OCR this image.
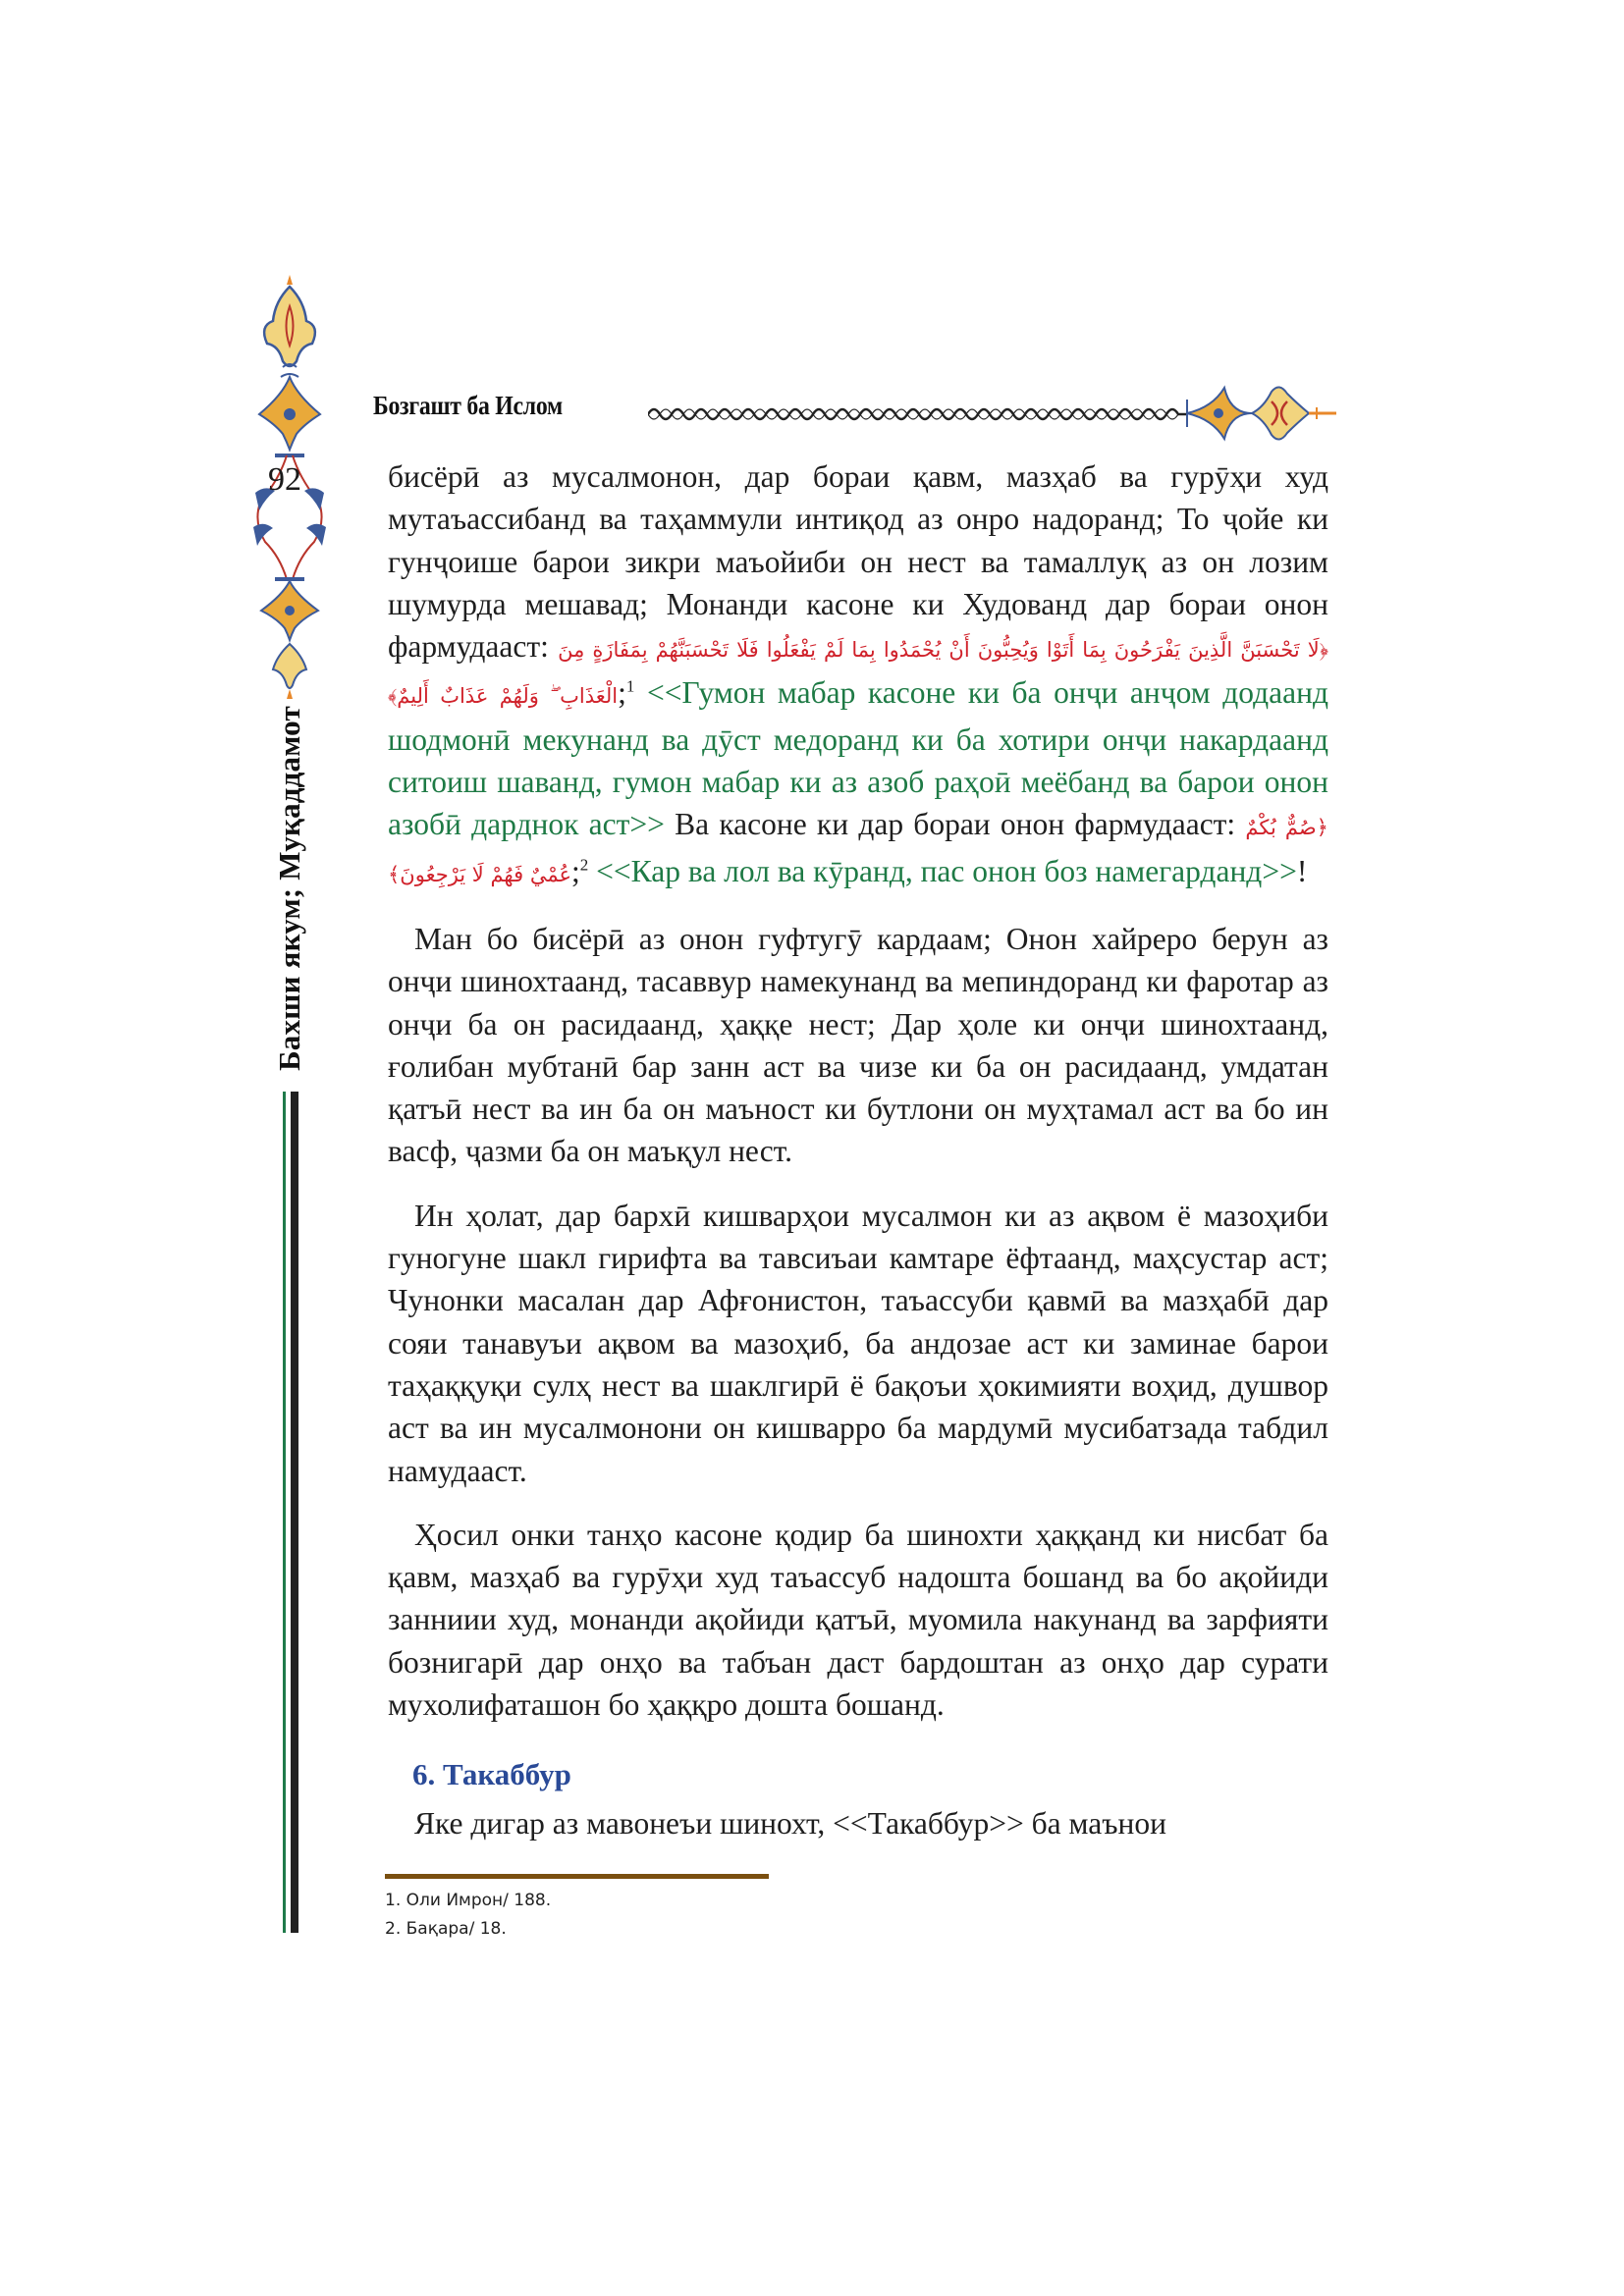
Бозгашт ба Ислом
92
Бахши якум; Муқаддамот

бисёрӣ аз мусалмонон, дар бораи қавм, мазҳаб ва гурӯҳи худ мутаъассибанд ва таҳаммули интиқод аз онро надоранд; То ҷойе ки гунҷоише барои зикри маъойиби он нест ва тамаллуқ аз он лозим шумурда мешавад; Монанди касоне ки Худованд дар бораи онон фармудааст: ﴿لَا تَحْسَبَنَّ الَّذِينَ يَفْرَحُونَ بِمَا أَتَوْا وَيُحِبُّونَ أَنْ يُحْمَدُوا بِمَا لَمْ يَفْعَلُوا فَلَا تَحْسَبَنَّهُمْ بِمَفَازَةٍ مِنَ الْعَذَابِ ۖ وَلَهُمْ عَذَابٌ أَلِيمٌ﴾;$^1$ <<Гумон мабар касоне ки ба онҷи анҷом додаанд шодмонӣ мекунанд ва дӯст медоранд ки ба хотири онҷи накардаанд ситоиш шаванд, гумон мабар ки аз азоб раҳоӣ меёбанд ва барои онон азобӣ дарднок аст>> Ва касоне ки дар бораи онон фармудааст: ﴿صُمٌّ بُكْمٌ عُمْيٌ فَهُمْ لَا يَرْجِعُونَ﴾;$^2$ <<Кар ва лол ва кӯранд, пас онон боз намегарданд>>!

Ман бо бисёрӣ аз онон гуфтугӯ кардаам; Онон хайреро берун аз онҷи шинохтаанд, тасаввур намекунанд ва мепиндоранд ки фаротар аз онҷи ба он расидаанд, ҳаққе нест; Дар ҳоле ки онҷи шинохтаанд, ғолибан мубтанӣ бар занн аст ва чизе ки ба он расидаанд, умдатан қатъӣ нест ва ин ба он маъност ки бутлони он муҳтамал аст ва бо ин васф, ҷазми ба он маъқул нест.

Ин ҳолат, дар бархӣ кишварҳои мусалмон ки аз ақвом ё мазоҳиби гуногуне шакл гирифта ва тавсиъаи камтаре ёфтаанд, маҳсустар аст; Чунонки масалан дар Афғонистон, таъассуби қавмӣ ва мазҳабӣ дар сояи танавуъи ақвом ва мазоҳиб, ба андозае аст ки заминае барои таҳаққуқи сулҳ нест ва шаклгирӣ ё бақоъи ҳокимияти воҳид, душвор аст ва ин мусалмонони он кишварро ба мардумӣ мусибатзада табдил намудааст.

Ҳосил онки танҳо касоне қодир ба шинохти ҳаққанд ки нисбат ба қавм, мазҳаб ва гурӯҳи худ таъассуб надошта бошанд ва бо ақойиди занниии худ, монанди ақойиди қатъӣ, муомила накунанд ва зарфияти бознигарӣ дар онҳо ва табъан даст бардоштан аз онҳо дар сурати мухолифаташон бо ҳаққро дошта бошанд.

6. Такаббур

Яке дигар аз мавонеъи шинохт, <<Такаббур>> ба маънои

1. Оли Имрон/ 188.
2. Бақара/ 18.
